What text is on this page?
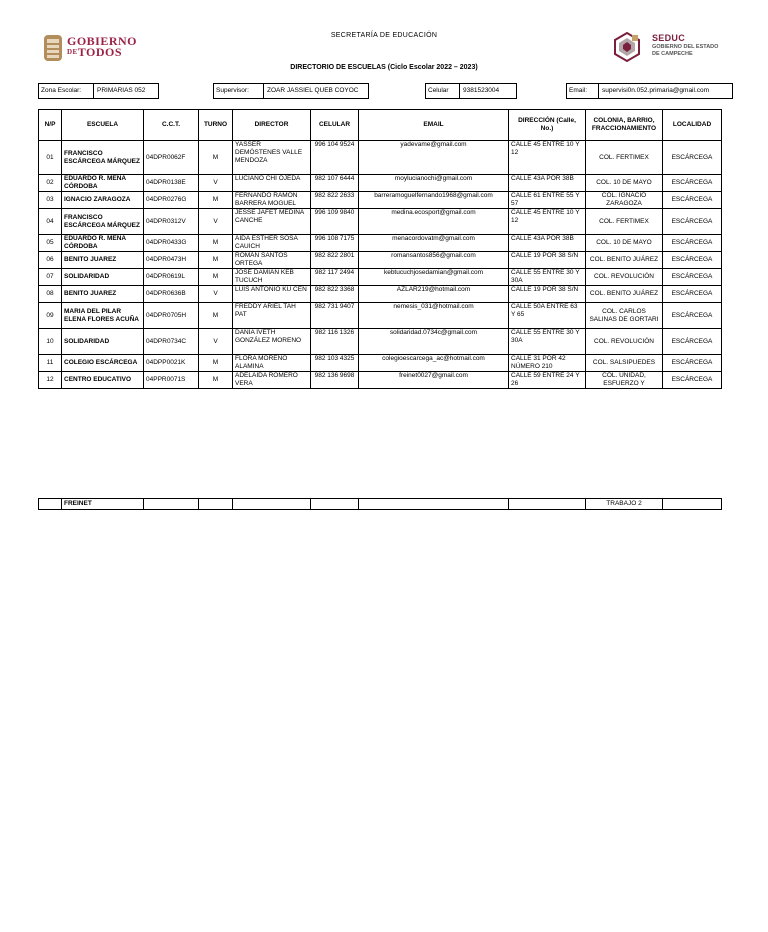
GOBIERNO
$^{DE}$TODOS
SECRETARÍA DE EDUCACIÓN
DIRECTORIO DE ESCUELAS (Ciclo Escolar 2022 – 2023)
SEDUC
GOBIERNO DEL ESTADO
DE CAMPECHE
Zona Escolar:	PRIMARIAS 052	Supervisor:	ZOAR JASSIEL QUEB COYOC	Celular	9381523004	Email:	supervisi0n.052.primaria@gmail.com
N/P	ESCUELA	C.C.T.	TURNO	DIRECTOR	CELULAR	EMAIL	DIRECCIÓN (Calle, No.)	COLONIA, BARRIO, FRACCIONAMIENTO	LOCALIDAD
01	FRANCISCO ESCÁRCEGA MÁRQUEZ	04DPR0062F	M	YASSER DEMÓSTENES VALLE MENDOZA	996 104 9524	yadevame@gmail.com	CALLE 45 ENTRE 10 Y 12	COL. FERTIMEX	ESCÁRCEGA
02	EDUARDO R. MENA CÓRDOBA	04DPR0138E	V	LUCIANO CHI OJEDA	982 107 6444	moylucianochi@gmail.com	CALLE 43A POR 38B	COL. 10 DE MAYO	ESCÁRCEGA
03	IGNACIO ZARAGOZA	04DPR0276G	M	FERNANDO RAMÓN BARRERA MOGUEL	982 822 2633	barreramoguelfernando1968@gmail.com	CALLE 61 ENTRE 55 Y 57	COL. IGNACIO ZARAGOZA	ESCÁRCEGA
04	FRANCISCO ESCÁRCEGA MÁRQUEZ	04DPR0312V	V	JESSE JAFET MEDINA CANCHE	996 109 9840	medina.ecosport@gmail.com	CALLE 45 ENTRE 10 Y 12	COL. FERTIMEX	ESCÁRCEGA
05	EDUARDO R. MENA CÓRDOBA	04DPR0433G	M	AIDA ESTHER SOSA CAUICH	996 108 7175	menacordovatm@gmail.com	CALLE 43A POR 38B	COL. 10 DE MAYO	ESCÁRCEGA
06	BENITO JUAREZ	04DPR0473H	M	ROMÁN SANTOS ORTEGA	982 822 2801	romansantos856@gmail.com	CALLE 19 POR 38 S/N	COL. BENITO JUÁREZ	ESCÁRCEGA
07	SOLIDARIDAD	04DPR0619L	M	JOSÉ DAMIÁN KEB TUCUCH	982 117 2494	kebtucuchjosedamian@gmail.com	CALLE 55 ENTRE 30 Y 30A	COL. REVOLUCIÓN	ESCÁRCEGA
08	BENITO JUAREZ	04DPR0636B	V	LUIS ANTONIO KU CEN	982 822 3368	AZLAR219@hotmail.com	CALLE 19 POR 38 S/N	COL. BENITO JUÁREZ	ESCÁRCEGA
09	MARIA DEL PILAR ELENA FLORES ACUÑA	04DPR0705H	M	FREDDY ARIEL TAH PAT	982 731 9407	nemesis_031@hotmail.com	CALLE 50A ENTRE 63 Y 65	COL. CARLOS SALINAS DE GORTARI	ESCÁRCEGA
10	SOLIDARIDAD	04DPR0734C	V	DANIA IVETH GONZÁLEZ MORENO	982 116 1326	solidaridad.0734c@gmail.com	CALLE 55 ENTRE 30 Y 30A	COL. REVOLUCIÓN	ESCÁRCEGA
11	COLEGIO ESCÁRCEGA	04DPP0021K	M	FLORA MORENO ALAMINA	982 103 4325	colegioescarcega_ac@hotmail.com	CALLE 31 POR 42 NÚMERO 210	COL. SALSIPUEDES	ESCÁRCEGA
12	CENTRO EDUCATIVO	04PPR0071S	M	ADELAIDA ROMERO VERA	982 136 9698	freinet0027@gmail.com	CALLE 59 ENTRE 24 Y 26	COL. UNIDAD, ESFUERZO Y	ESCÁRCEGA
	FREINET							TRABAJO 2	
